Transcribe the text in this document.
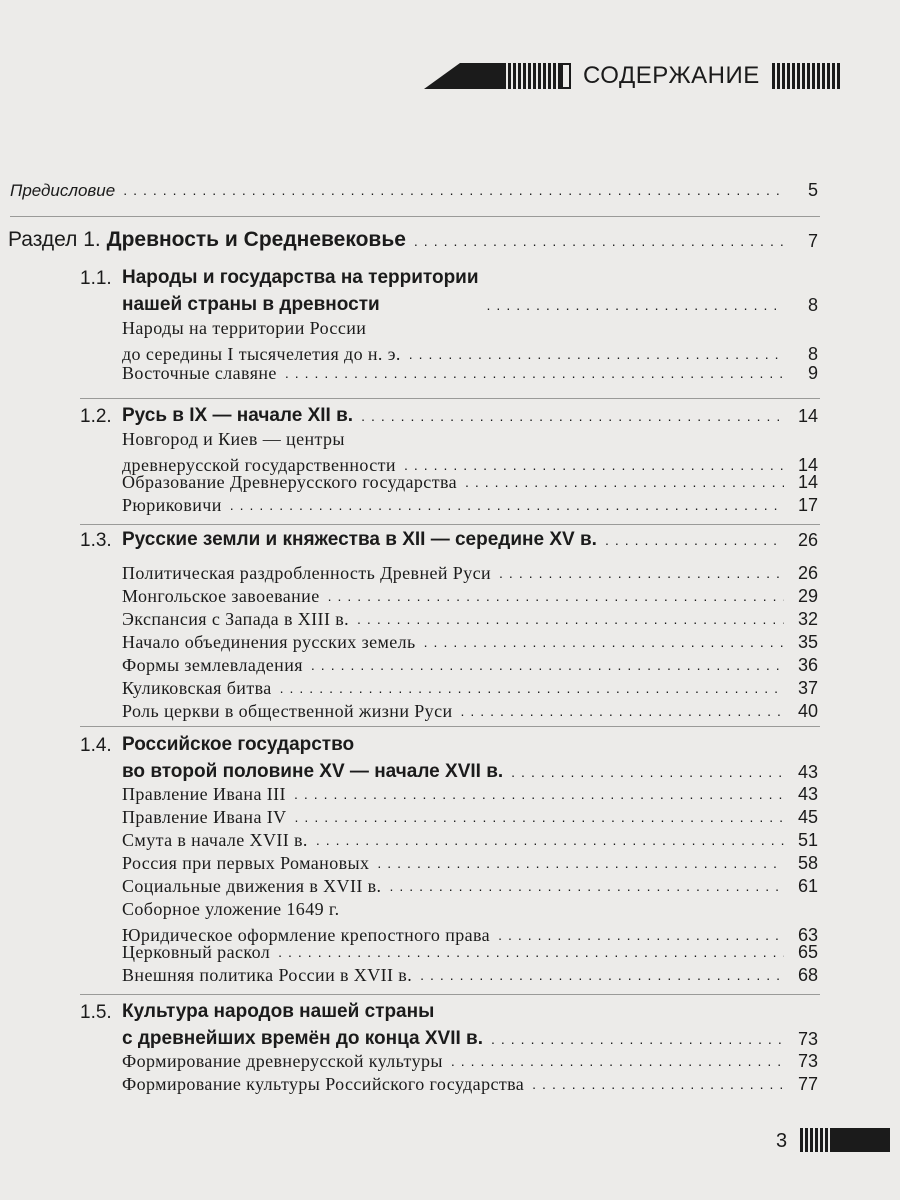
СОДЕРЖАНИЕ
Предисловие .....	5
Раздел 1. Древность и Средневековье .....	7
1.1. Народы и государства на территории
нашей страны в древности .....	8
Народы на территории России
до середины I тысячелетия до н. э. .....	8
Восточные славяне .....	9
1.2. Русь в IX — начале XII в. .....	14
Новгород и Киев — центры
древнерусской государственности .....	14
Образование Древнерусского государства .....	14
Рюриковичи .....	17
1.3. Русские земли и княжества в XII — середине XV в. .....	26
Политическая раздробленность Древней Руси .....	26
Монгольское завоевание .....	29
Экспансия с Запада в XIII в. .....	32
Начало объединения русских земель .....	35
Формы землевладения .....	36
Куликовская битва .....	37
Роль церкви в общественной жизни Руси .....	40
1.4. Российское государство
во второй половине XV — начале XVII в. .....	43
Правление Ивана III .....	43
Правление Ивана IV .....	45
Смута в начале XVII в. .....	51
Россия при первых Романовых .....	58
Социальные движения в XVII в. .....	61
Соборное уложение 1649 г.
Юридическое оформление крепостного права .....	63
Церковный раскол .....	65
Внешняя политика России в XVII в. .....	68
1.5. Культура народов нашей страны
с древнейших времён до конца XVII в. .....	73
Формирование древнерусской культуры .....	73
Формирование культуры Российского государства .....	77
3
